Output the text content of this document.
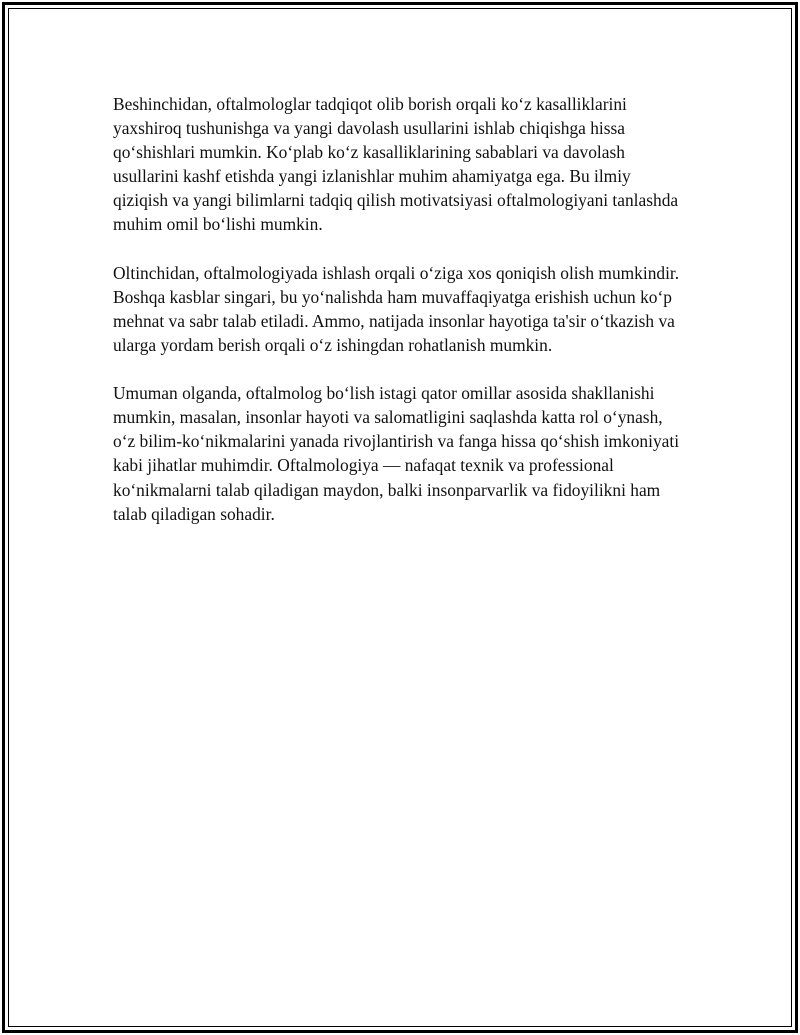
Beshinchidan, oftalmologlar tadqiqot olib borish orqali ko‘z kasalliklarini yaxshiroq tushunishga va yangi davolash usullarini ishlab chiqishga hissa qo‘shishlari mumkin. Ko‘plab ko‘z kasalliklarining sabablari va davolash usullarini kashf etishda yangi izlanishlar muhim ahamiyatga ega. Bu ilmiy qiziqish va yangi bilimlarni tadqiq qilish motivatsiyasi oftalmologiyani tanlashda muhim omil bo‘lishi mumkin.

Oltinchidan, oftalmologiyada ishlash orqali o‘ziga xos qoniqish olish mumkindir. Boshqa kasblar singari, bu yo‘nalishda ham muvaffaqiyatga erishish uchun ko‘p mehnat va sabr talab etiladi. Ammo, natijada insonlar hayotiga ta'sir o‘tkazish va ularga yordam berish orqali o‘z ishingdan rohatlanish mumkin.

Umuman olganda, oftalmolog bo‘lish istagi qator omillar asosida shakllanishi mumkin, masalan, insonlar hayoti va salomatligini saqlashda katta rol o‘ynash, o‘z bilim-ko‘nikmalarini yanada rivojlantirish va fanga hissa qo‘shish imkoniyati kabi jihatlar muhimdir. Oftalmologiya — nafaqat texnik va professional ko‘nikmalarni talab qiladigan maydon, balki insonparvarlik va fidoyilikni ham talab qiladigan sohadir.
